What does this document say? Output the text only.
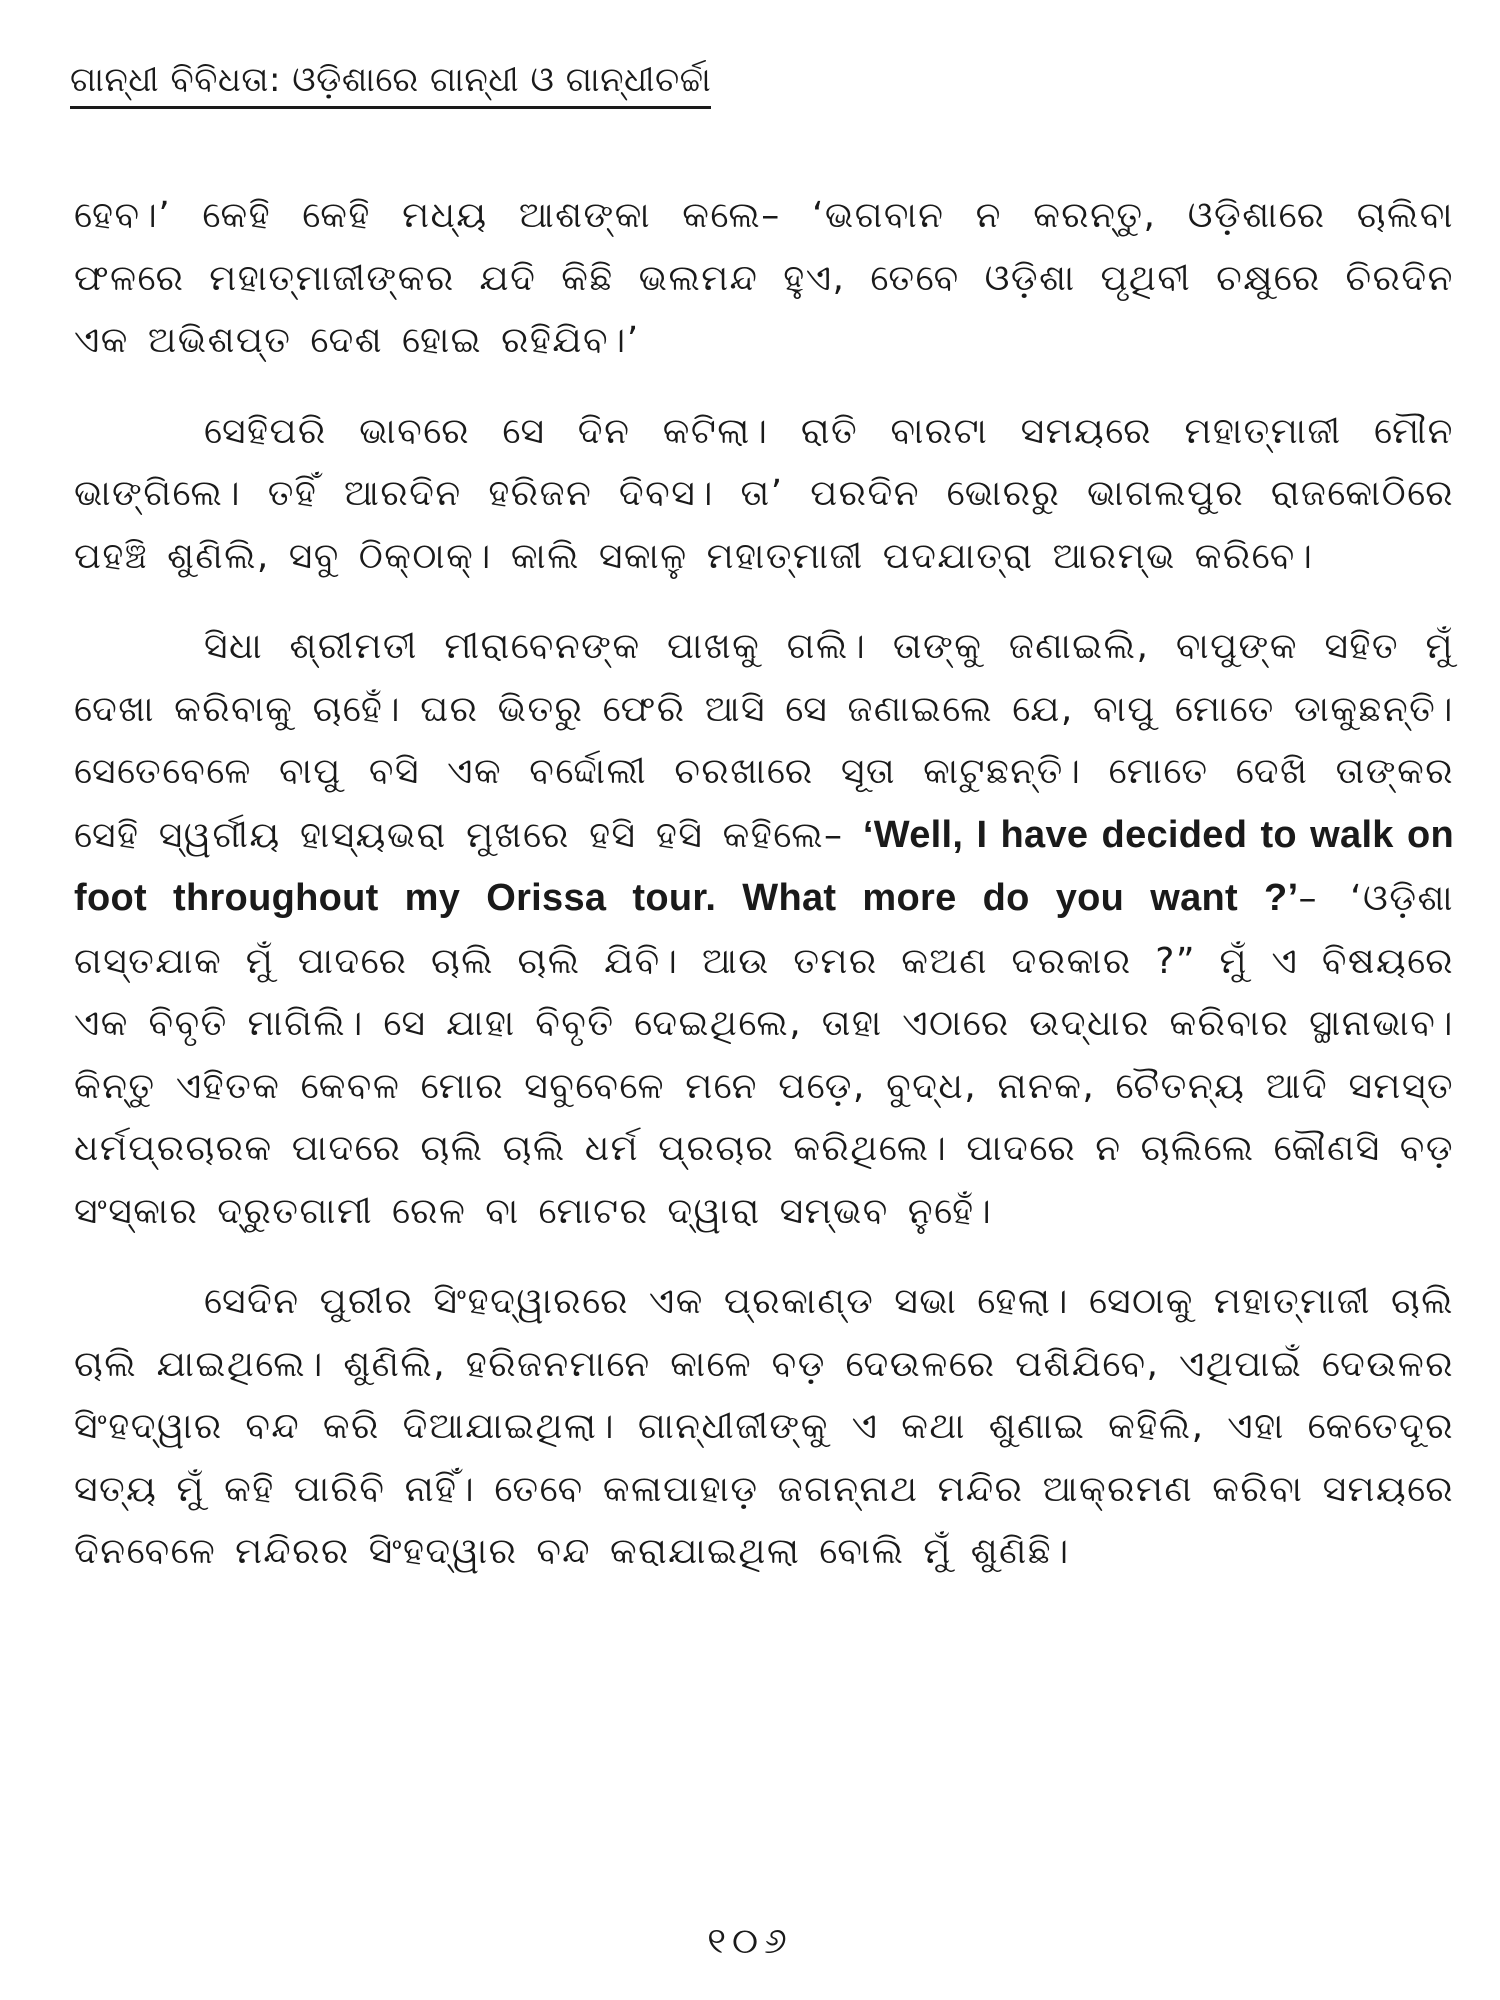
ଗାନ୍ଧୀ ବିବିଧତା: ଓଡ଼ିଶାରେ ଗାନ୍ଧୀ ଓ ଗାନ୍ଧୀଚର୍ଚ୍ଚା

ହେବ।’ କେହି କେହି ମଧ୍ୟ ଆଶଙ୍କା କଲେ– ‘ଭଗବାନ ନ କରନ୍ତୁ, ଓଡ଼ିଶାରେ ଚାଲିବା ଫଳରେ ମହାତ୍ମାଜୀଙ୍କର ଯଦି କିଛି ଭଲମନ୍ଦ ହୁଏ, ତେବେ ଓଡ଼ିଶା ପୃଥିବୀ ଚକ୍ଷୁରେ ଚିରଦିନ ଏକ ଅଭିଶପ୍ତ ଦେଶ ହୋଇ ରହିଯିବ।’

ସେହିପରି ଭାବରେ ସେ ଦିନ କଟିଲା। ରାତି ବାରଟା ସମୟରେ ମହାତ୍ମାଜୀ ମୌନ ଭାଙ୍ଗିଲେ। ତହିଁ ଆରଦିନ ହରିଜନ ଦିବସ। ତା’ ପରଦିନ ଭୋରରୁ ଭାଗଲପୁର ରାଜକୋଠିରେ ପହଞ୍ଚି ଶୁଣିଲି, ସବୁ ଠିକ୍‌ଠାକ୍। କାଲି ସକାଳୁ ମହାତ୍ମାଜୀ ପଦଯାତ୍ରା ଆରମ୍ଭ କରିବେ।

ସିଧା ଶ୍ରୀମତୀ ମୀରାବେନଙ୍କ ପାଖକୁ ଗଲି। ତାଙ୍କୁ ଜଣାଇଲି, ବାପୁଙ୍କ ସହିତ ମୁଁ ଦେଖା କରିବାକୁ ଚାହେଁ। ଘର ଭିତରୁ ଫେରି ଆସି ସେ ଜଣାଇଲେ ଯେ, ବାପୁ ମୋତେ ଡାକୁଛନ୍ତି। ସେତେବେଳେ ବାପୁ ବସି ଏକ ବର୍ଦ୍ଦୋଲୀ ଚରଖାରେ ସୂତା କାଟୁଛନ୍ତି। ମୋତେ ଦେଖି ତାଙ୍କର ସେହି ସ୍ୱର୍ଗୀୟ ହାସ୍ୟଭରା ମୁଖରେ ହସି ହସି କହିଲେ– ‘Well, I have decided to walk on foot throughout my Orissa tour. What more do you want ?’– ‘ଓଡ଼ିଶା ଗସ୍ତଯାକ ମୁଁ ପାଦରେ ଚାଲି ଚାଲି ଯିବି। ଆଉ ତମର କଅଣ ଦରକାର ?” ମୁଁ ଏ ବିଷୟରେ ଏକ ବିବୃତି ମାଗିଲି। ସେ ଯାହା ବିବୃତି ଦେଇଥିଲେ, ତାହା ଏଠାରେ ଉଦ୍ଧାର କରିବାର ସ୍ଥାନାଭାବ। କିନ୍ତୁ ଏହିତକ କେବଳ ମୋର ସବୁବେଳେ ମନେ ପଡ଼େ, ବୁଦ୍ଧ, ନାନକ, ଚୈତନ୍ୟ ଆଦି ସମସ୍ତ ଧର୍ମପ୍ରଚାରକ ପାଦରେ ଚାଲି ଚାଲି ଧର୍ମ ପ୍ରଚାର କରିଥିଲେ। ପାଦରେ ନ ଚାଲିଲେ କୌଣସି ବଡ଼ ସଂସ୍କାର ଦ୍ରୁତଗାମୀ ରେଳ ବା ମୋଟର ଦ୍ୱାରା ସମ୍ଭବ ନୁହେଁ।

ସେଦିନ ପୁରୀର ସିଂହଦ୍ୱାରରେ ଏକ ପ୍ରକାଣ୍ଡ ସଭା ହେଲା। ସେଠାକୁ ମହାତ୍ମାଜୀ ଚାଲି ଚାଲି ଯାଇଥିଲେ। ଶୁଣିଲି, ହରିଜନମାନେ କାଳେ ବଡ଼ ଦେଉଳରେ ପଶିଯିବେ, ଏଥିପାଇଁ ଦେଉଳର ସିଂହଦ୍ୱାର ବନ୍ଦ କରି ଦିଆଯାଇଥିଲା। ଗାନ୍ଧୀଜୀଙ୍କୁ ଏ କଥା ଶୁଣାଇ କହିଲି, ଏହା କେତେଦୂର ସତ୍ୟ ମୁଁ କହି ପାରିବି ନାହିଁ। ତେବେ କଳାପାହାଡ଼ ଜଗନ୍ନାଥ ମନ୍ଦିର ଆକ୍ରମଣ କରିବା ସମୟରେ ଦିନବେଳେ ମନ୍ଦିରର ସିଂହଦ୍ୱାର ବନ୍ଦ କରାଯାଇଥିଲା ବୋଲି ମୁଁ ଶୁଣିଛି।

୧୦୬
